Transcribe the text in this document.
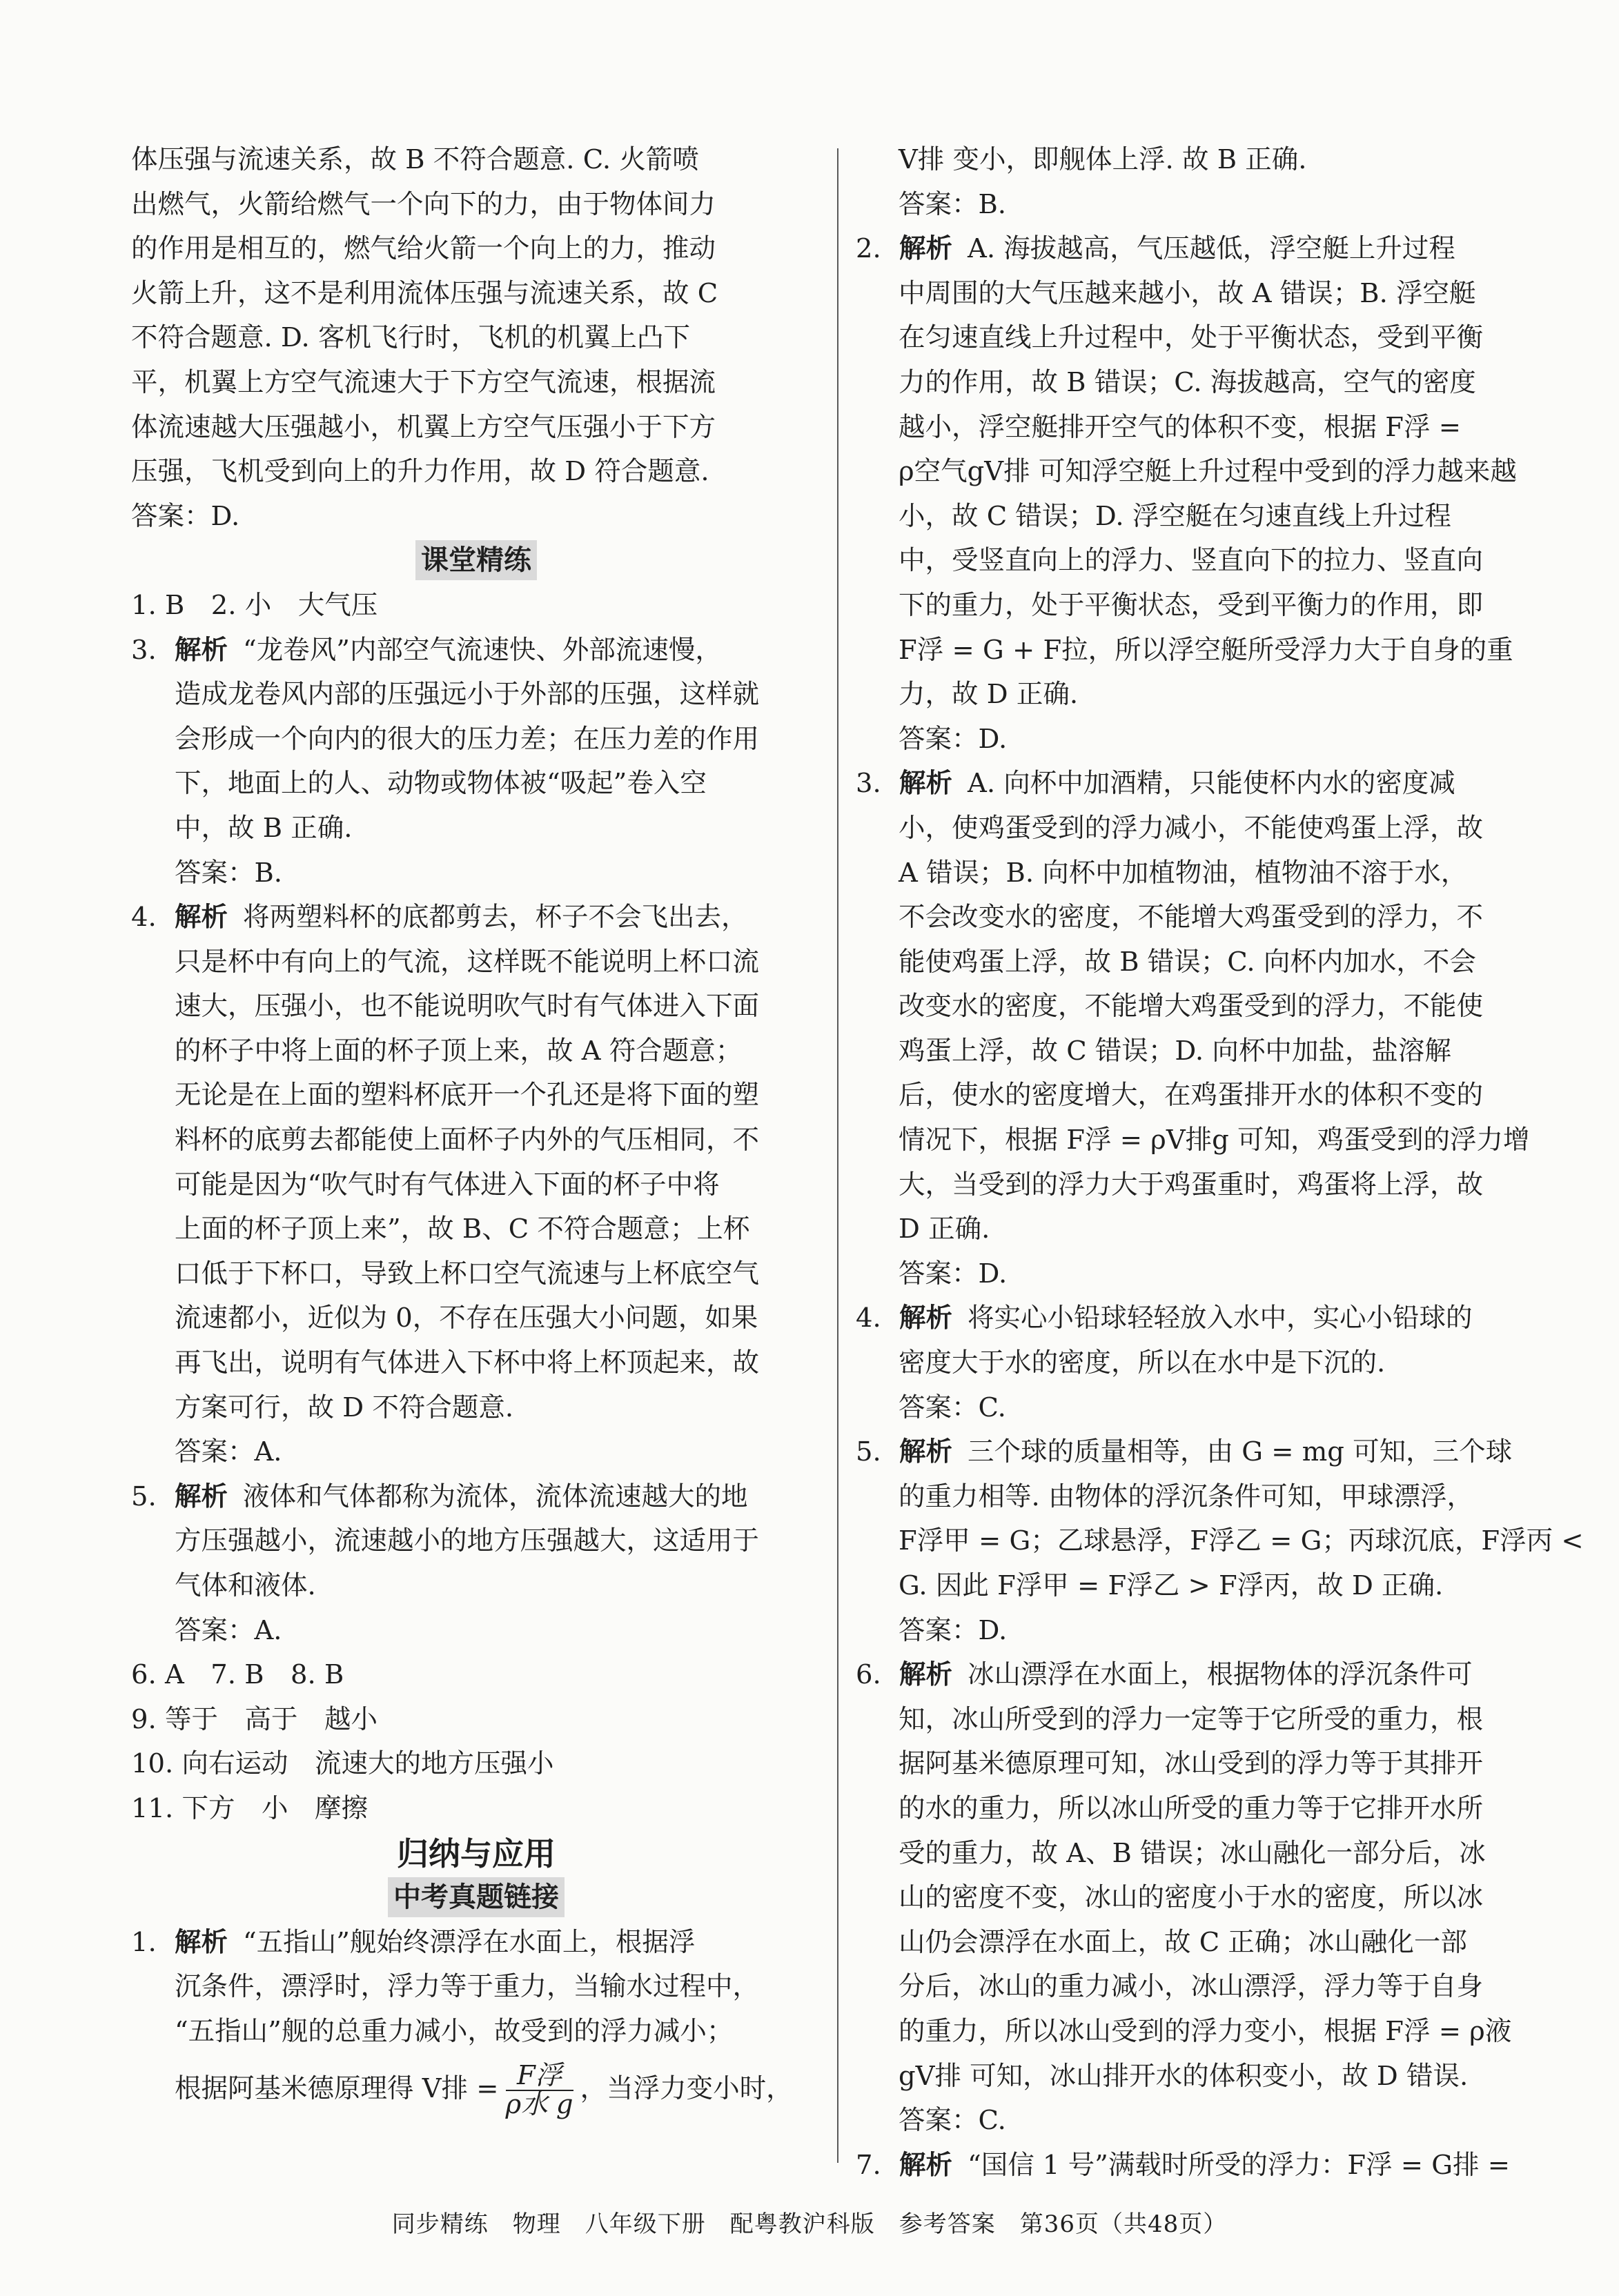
体压强与流速关系，故 B 不符合题意. C. 火箭喷
出燃气，火箭给燃气一个向下的力，由于物体间力
的作用是相互的，燃气给火箭一个向上的力，推动
火箭上升，这不是利用流体压强与流速关系，故 C
不符合题意. D. 客机飞行时，飞机的机翼上凸下
平，机翼上方空气流速大于下方空气流速，根据流
体流速越大压强越小，机翼上方空气压强小于下方
压强，飞机受到向上的升力作用，故 D 符合题意.
答案：D.
课堂精练
1. B　2. 小　大气压
3. 解析 “龙卷风”内部空气流速快、外部流速慢，
造成龙卷风内部的压强远小于外部的压强，这样就
会形成一个向内的很大的压力差；在压力差的作用
下，地面上的人、动物或物体被“吸起”卷入空
中，故 B 正确.
答案：B.
4. 解析 将两塑料杯的底都剪去，杯子不会飞出去，
只是杯中有向上的气流，这样既不能说明上杯口流
速大，压强小，也不能说明吹气时有气体进入下面
的杯子中将上面的杯子顶上来，故 A 符合题意；
无论是在上面的塑料杯底开一个孔还是将下面的塑
料杯的底剪去都能使上面杯子内外的气压相同，不
可能是因为“吹气时有气体进入下面的杯子中将
上面的杯子顶上来”，故 B、C 不符合题意；上杯
口低于下杯口，导致上杯口空气流速与上杯底空气
流速都小，近似为 0，不存在压强大小问题，如果
再飞出，说明有气体进入下杯中将上杯顶起来，故
方案可行，故 D 不符合题意.
答案：A.
5. 解析 液体和气体都称为流体，流体流速越大的地
方压强越小，流速越小的地方压强越大，这适用于
气体和液体.
答案：A.
6. A　7. B　8. B
9. 等于　高于　越小
10. 向右运动　流速大的地方压强小
11. 下方　小　摩擦
归纳与应用
中考真题链接
1. 解析 “五指山”舰始终漂浮在水面上，根据浮
沉条件，漂浮时，浮力等于重力，当输水过程中，
“五指山”舰的总重力减小，故受到的浮力减小；
根据阿基米德原理得 V排 = $\frac{\text{F浮}}{\text{ρ水 g}}$ ，当浮力变小时，
V排 变小，即舰体上浮. 故 B 正确.
答案：B.
2. 解析 A. 海拔越高，气压越低，浮空艇上升过程
中周围的大气压越来越小，故 A 错误；B. 浮空艇
在匀速直线上升过程中，处于平衡状态，受到平衡
力的作用，故 B 错误；C. 海拔越高，空气的密度
越小，浮空艇排开空气的体积不变，根据 F浮 =
ρ空气gV排 可知浮空艇上升过程中受到的浮力越来越
小，故 C 错误；D. 浮空艇在匀速直线上升过程
中，受竖直向上的浮力、竖直向下的拉力、竖直向
下的重力，处于平衡状态，受到平衡力的作用，即
F浮 = G + F拉，所以浮空艇所受浮力大于自身的重
力，故 D 正确.
答案：D.
3. 解析 A. 向杯中加酒精，只能使杯内水的密度减
小，使鸡蛋受到的浮力减小，不能使鸡蛋上浮，故
A 错误；B. 向杯中加植物油，植物油不溶于水，
不会改变水的密度，不能增大鸡蛋受到的浮力，不
能使鸡蛋上浮，故 B 错误；C. 向杯内加水，不会
改变水的密度，不能增大鸡蛋受到的浮力，不能使
鸡蛋上浮，故 C 错误；D. 向杯中加盐，盐溶解
后，使水的密度增大，在鸡蛋排开水的体积不变的
情况下，根据 F浮 = ρV排g 可知，鸡蛋受到的浮力增
大，当受到的浮力大于鸡蛋重时，鸡蛋将上浮，故
D 正确.
答案：D.
4. 解析 将实心小铅球轻轻放入水中，实心小铅球的
密度大于水的密度，所以在水中是下沉的.
答案：C.
5. 解析 三个球的质量相等，由 G = mg 可知，三个球
的重力相等. 由物体的浮沉条件可知，甲球漂浮，
F浮甲 = G；乙球悬浮，F浮乙 = G；丙球沉底，F浮丙 <
G. 因此 F浮甲 = F浮乙 > F浮丙，故 D 正确.
答案：D.
6. 解析 冰山漂浮在水面上，根据物体的浮沉条件可
知，冰山所受到的浮力一定等于它所受的重力，根
据阿基米德原理可知，冰山受到的浮力等于其排开
的水的重力，所以冰山所受的重力等于它排开水所
受的重力，故 A、B 错误；冰山融化一部分后，冰
山的密度不变，冰山的密度小于水的密度，所以冰
山仍会漂浮在水面上，故 C 正确；冰山融化一部
分后，冰山的重力减小，冰山漂浮，浮力等于自身
的重力，所以冰山受到的浮力变小，根据 F浮 = ρ液
gV排 可知，冰山排开水的体积变小，故 D 错误.
答案：C.
7. 解析 “国信 1 号”满载时所受的浮力：F浮 = G排 =
同步精练　物理　八年级下册　配粤教沪科版　参考答案　第36页（共48页）
